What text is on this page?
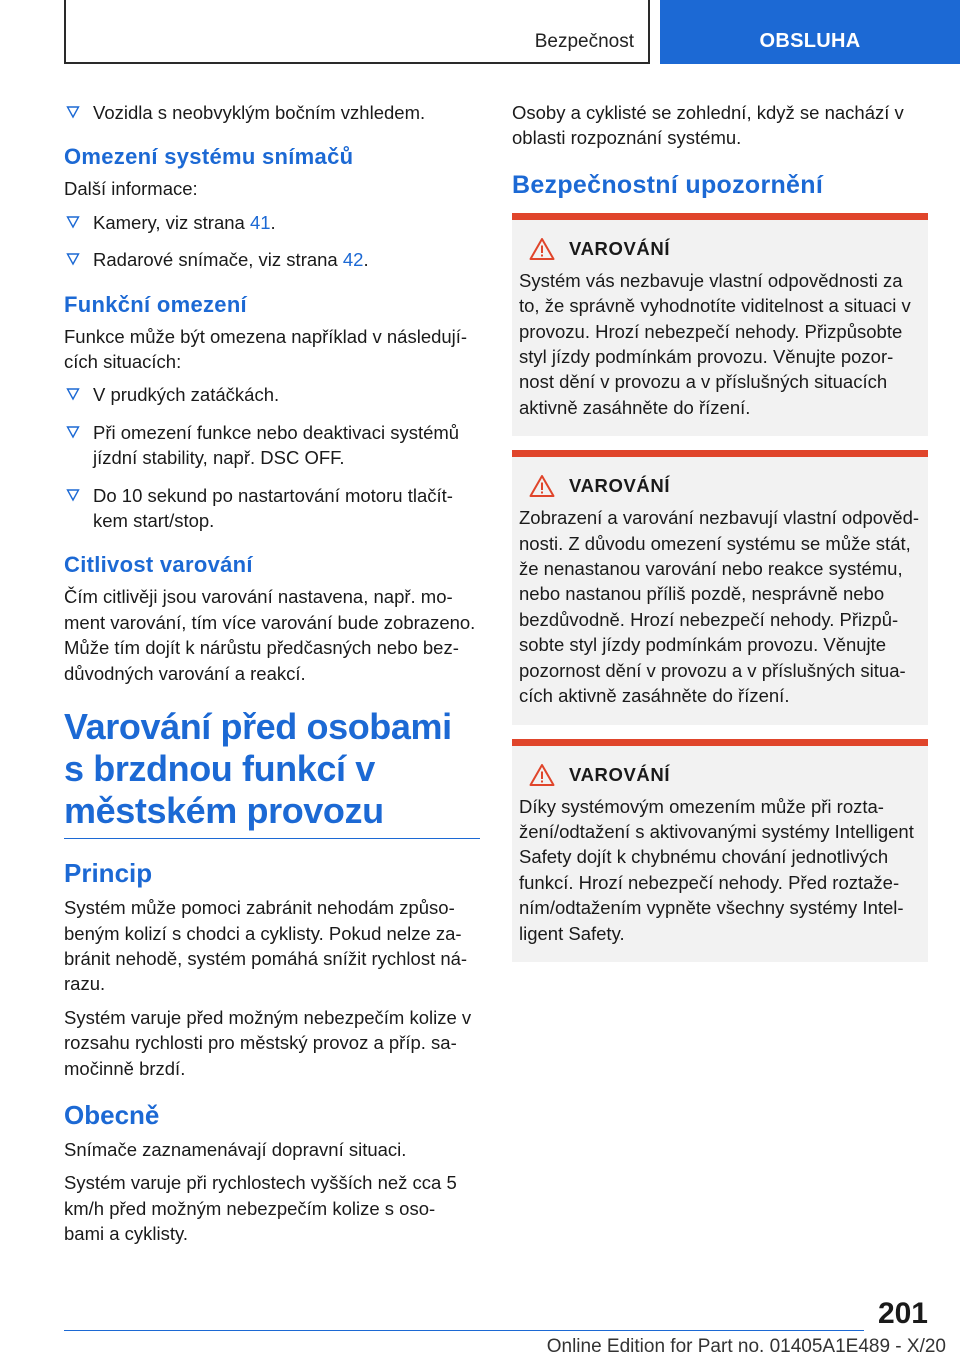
Bezpečnost	OBSLUHA
Vozidla s neobvyklým bočním vzhledem.
Omezení systému snímačů

Další informace:

Kamery, viz strana 41.
Radarové snímače, viz strana 42.
Funkční omezení

Funkce může být omezena například v následují- cích situacích:

V prudkých zatáčkách.
Při omezení funkce nebo deaktivaci systémů jízdní stability, např. DSC OFF.
Do 10 sekund po nastartování motoru tlačít- kem start/stop.
Citlivost varování

Čím citlivěji jsou varování nastavena, např. mo- ment varování, tím více varování bude zobrazeno. Může tím dojít k nárůstu předčasných nebo bez- důvodných varování a reakcí.

Varování před osobami s brzdnou funkcí v městském provozu
Princip

Systém může pomoci zabránit nehodám způso- beným kolizí s chodci a cyklisty. Pokud nelze za- bránit nehodě, systém pomáhá snížit rychlost ná- razu.

Systém varuje před možným nebezpečím kolize v rozsahu rychlosti pro městský provoz a příp. sa- močinně brzdí.

Obecně

Snímače zaznamenávají dopravní situaci.

Systém varuje při rychlostech vyšších než cca 5 km/h před možným nebezpečím kolize s oso- bami a cyklisty.

Osoby a cyklisté se zohlední, když se nachází v oblasti rozpoznání systému.

Bezpečnostní upozornění
VAROVÁNÍ

Systém vás nezbavuje vlastní odpovědnosti za to, že správně vyhodnotíte viditelnost a situaci v provozu. Hrozí nebezpečí nehody. Přizpůsobte styl jízdy podmínkám provozu. Věnujte pozor- nost dění v provozu a v příslušných situacích aktivně zasáhněte do řízení.

VAROVÁNÍ

Zobrazení a varování nezbavují vlastní odpověd- nosti. Z důvodu omezení systému se může stát, že nenastanou varování nebo reakce systému, nebo nastanou příliš pozdě, nesprávně nebo bezdůvodně. Hrozí nebezpečí nehody. Přizpů- sobte styl jízdy podmínkám provozu. Věnujte pozornost dění v provozu a v příslušných situa- cích aktivně zasáhněte do řízení.

VAROVÁNÍ

Díky systémovým omezením může při rozta- žení/odtažení s aktivovanými systémy Intelligent Safety dojít k chybnému chování jednotlivých funkcí. Hrozí nebezpečí nehody. Před roztaže- ním/odtažením vypněte všechny systémy Intel- ligent Safety.

201
Online Edition for Part no. 01405A1E489 - X/20
